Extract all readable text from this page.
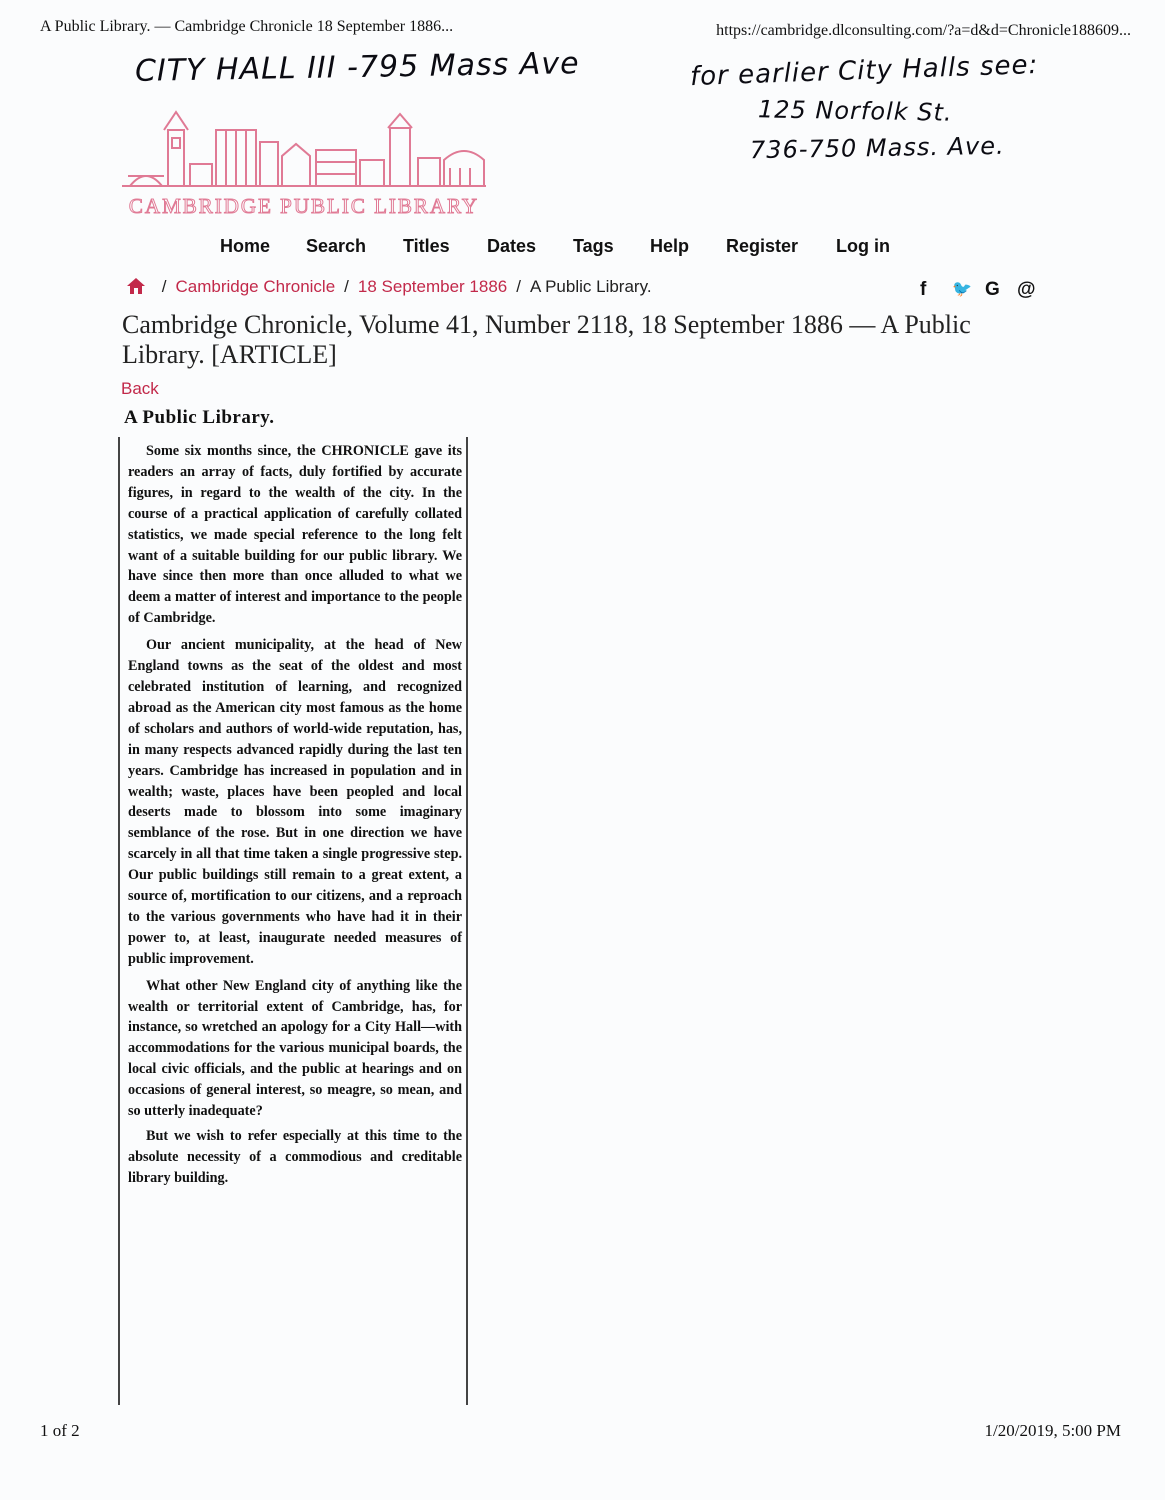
A Public Library. — Cambridge Chronicle 18 September 1886...	https://cambridge.dlconsulting.com/?a=d&d=Chronicle188609...
CITY HALL III -795 Mass Ave	for earlier City Halls see:
125 Norfolk St.
736-750 Mass. Ave.
CAMBRIDGE PUBLIC LIBRARY
Home Search Titles Dates Tags Help Register Log in
/ Cambridge Chronicle / 18 September 1886 / A Public Library.	f 🐦 G @
Cambridge Chronicle, Volume 41, Number 2118, 18 September 1886 — A Public Library. [ARTICLE]
Back
A Public Library.

Some six months since, the CHRONICLE gave its readers an array of facts, duly fortified by accurate figures, in regard to the wealth of the city. In the course of a practical application of carefully collated statistics, we made special reference to the long felt want of a suitable building for our public library. We have since then more than once alluded to what we deem a matter of interest and importance to the people of Cambridge.

Our ancient municipality, at the head of New England towns as the seat of the oldest and most celebrated institution of learning, and recognized abroad as the American city most famous as the home of scholars and authors of world-wide reputation, has, in many respects advanced rapidly during the last ten years. Cambridge has increased in population and in wealth; waste, places have been peopled and local deserts made to blossom into some imaginary semblance of the rose. But in one direction we have scarcely in all that time taken a single progressive step. Our public buildings still remain to a great extent, a source of, mortification to our citizens, and a reproach to the various governments who have had it in their power to, at least, inaugurate needed measures of public improvement.

What other New England city of anything like the wealth or territorial extent of Cambridge, has, for instance, so wretched an apology for a City Hall—with accommodations for the various municipal boards, the local civic officials, and the public at hearings and on occasions of general interest, so meagre, so mean, and so utterly inadequate?

But we wish to refer especially at this time to the absolute necessity of a commodious and creditable library building.

1 of 2	1/20/2019, 5:00 PM
